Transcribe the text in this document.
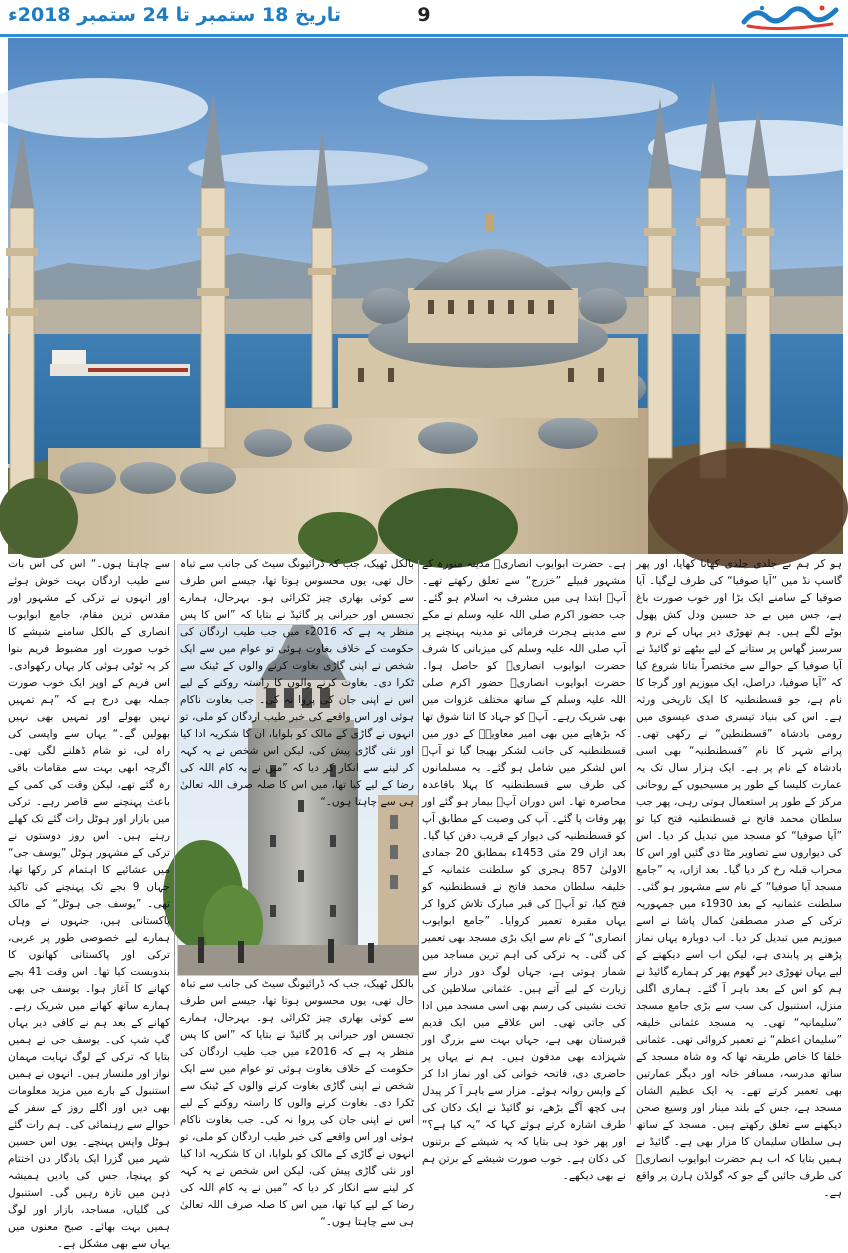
تاریخ 18 ستمبر تا 24 ستمبر 2018ء	9

ہو کر ہم نے جلدی جلدی کھانا کھایا، اور پھر گاسپ نڈ میں ”آیا صوفیا“ کی طرف لےگیا۔ آیا صوفیا کے سامنے ایک بڑا اور خوب صورت باغ ہے، جس میں بے حد حسین ودل کش پھول بوٹے لگے ہیں۔ ہم تھوڑی دیر یہاں کے نرم و سرسبز گھاس پر ستانے کے لیے بیٹھے تو گائیڈ نے آیا صوفیا کے حوالے سے مختصراً بتاتا شروع کیا کہ ”آیا صوفیا، دراصل، ایک میوزیم اور گرجا کا نام ہے، جو قسطنطنیہ کا ایک تاریخی ورثہ ہے۔ اس کی بنیاد تیسری صدی عیسوی میں رومی بادشاہ ”قسطنطین“ نے رکھی تھی۔ پرانے شہر کا نام ”قسطنطنیہ“ بھی اسی بادشاہ کے نام پر ہے۔ ایک ہزار سال تک یہ عمارت کلیسا کے طور پر مسیحیوں کے روحانی مرکز کے طور پر استعمال ہوتی رہی، پھر جب سلطان محمد فاتح نے قسطنطنیہ فتح کیا تو ”آیا صوفیا“ کو مسجد میں تبدیل کر دیا۔ اس کی دیواروں سے تصاویر مٹا دی گئیں اور اس کا محراب قبلہ رخ کر دیا گیا۔ بعد ازاں، یہ ”جامع مسجد آیا صوفیا“ کے نام سے مشہور ہو گئی۔ سلطنت عثمانیہ کے بعد 1930ء میں جمہوریہ ترکی کے صدر مصطفیٰ کمال پاشا نے اسے میوزیم میں تبدیل کر دیا۔ اب دوبارہ یہاں نماز پڑھنے پر پابندی ہے، لیکن اب اسے دیکھنے کے لیے یہاں تھوڑی دیر گھوم پھر کر ہمارے گائیڈ نے ہم کو اس کے بعد باہر آ گئے۔ ہماری اگلی منزل، استنبول کی سب سے بڑی جامع مسجد ”سلیمانیہ“ تھی۔ یہ مسجد عثمانی خلیفہ ”سلیمان اعظم“ نے تعمیر کروائی تھی۔ عثمانی خلفا کا خاص طریقہ تھا کہ وہ شاہ مسجد کے ساتھ مدرسہ، مسافر خانہ اور دیگر عمارتیں بھی تعمیر کرتے تھے۔ یہ ایک عظیم الشان مسجد ہے، جس کے بلند مینار اور وسیع صحن دیکھنے سے تعلق رکھتے ہیں۔ مسجد کے ساتھ ہی سلطان سلیمان کا مزار بھی ہے۔ گائیڈ نے ہمیں بتایا کہ اب ہم حضرت ابوایوب انصاریؓ کی طرف جائیں گے جو کہ گولڈن ہارن پر واقع ہے۔

ہے۔ حضرت ابوایوب انصاریؓ مدینہ منورہ کے مشہور قبیلے ”خزرج“ سے تعلق رکھتے تھے۔ آپؓ ابتدا ہی میں مشرف بہ اسلام ہو گئے۔ جب حضور اکرم صلی اللہ علیہ وسلم نے مکے سے مدینے ہجرت فرمائی تو مدینہ پہنچنے پر آپ صلی اللہ علیہ وسلم کی میزبانی کا شرف حضرت ابوایوب انصاریؓ کو حاصل ہوا۔ حضرت ابوایوب انصاریؓ حضور اکرم صلی اللہ علیہ وسلم کے ساتھ مختلف غزوات میں بھی شریک رہے۔ آپؓ کو جہاد کا اتنا شوق تھا کہ بڑھاپے میں بھی امیر معاویہؓ کے دور میں قسطنطنیہ کی جانب لشکر بھیجا گیا تو آپؓ اس لشکر میں شامل ہو گئے۔ یہ مسلمانوں کی طرف سے قسطنطنیہ کا پہلا باقاعدہ محاصرہ تھا۔ اس دوران آپؓ بیمار ہو گئے اور پھر وفات پا گئے۔ آپ کی وصیت کے مطابق آپ کو قسطنطنیہ کی دیوار کے قریب دفن کیا گیا۔ بعد ازاں 29 مئی 1453ء بمطابق 20 جمادی الاولیٰ 857 ہجری کو سلطنت عثمانیہ کے خلیفہ سلطان محمد فاتح نے قسطنطنیہ کو فتح کیا، تو آپؓ کی قبر مبارک تلاش کروا کر یہاں مقبرہ تعمیر کروایا۔ ”جامع ابوایوب انصاری“ کے نام سے ایک بڑی مسجد بھی تعمیر کی گئی۔ یہ ترکی کی اہم ترین مساجد میں شمار ہوتی ہے، جہاں لوگ دور دراز سے زیارت کے لیے آتے ہیں۔ عثمانی سلاطین کی تخت نشینی کی رسم بھی اسی مسجد میں ادا کی جاتی تھی۔ اس علاقے میں ایک قدیم قبرستان بھی ہے، جہاں بہت سے بزرگ اور شہزادے بھی مدفون ہیں۔ ہم نے یہاں پر حاضری دی، فاتحہ خوانی کی اور نماز ادا کر کے واپس روانہ ہوئے۔ مزار سے باہر آ کر پیدل ہی کچھ آگے بڑھے، تو گائیڈ نے ایک دکان کی طرف اشارہ کرتے ہوئے کہا کہ ”یہ کیا ہے؟“ اور پھر خود ہی بتایا کہ یہ شیشے کے برتنوں کی دکان ہے۔ خوب صورت شیشے کے برتن ہم نے بھی دیکھے۔

بالکل ٹھیک، جب کہ ڈرائیونگ سیٹ کی جانب سے تباہ حال تھی، یوں محسوس ہوتا تھا، جیسے اس طرف سے کوئی بھاری چیز ٹکرائی ہو۔ بہرحال، ہمارے تجسس اور حیرانی پر گائیڈ نے بتایا کہ ”اس کا پس منظر یہ ہے کہ 2016ء میں جب طیب اردگان کی حکومت کے خلاف بغاوت ہوئی تو عوام میں سے ایک شخص نے اپنی گاڑی بغاوت کرنے والوں کے ٹینک سے ٹکرا دی۔ بغاوت کرنے والوں کا راستہ روکنے کے لیے اس نے اپنی جان کی پروا نہ کی۔ جب بغاوت ناکام ہوئی اور اس واقعے کی خبر طیب اردگان کو ملی، تو انہوں نے گاڑی کے مالک کو بلوایا، ان کا شکریہ ادا کیا اور نئی گاڑی پیش کی، لیکن اس شخص نے یہ کہہ کر لینے سے انکار کر دیا کہ ”میں نے یہ کام اللہ کی رضا کے لیے کیا تھا، میں اس کا صلہ صرف اللہ تعالیٰ ہی سے چاہتا ہوں۔“

بالکل ٹھیک، جب کہ ڈرائیونگ سیٹ کی جانب سے تباہ حال تھی، یوں محسوس ہوتا تھا، جیسے اس طرف سے کوئی بھاری چیز ٹکرائی ہو۔ بہرحال، ہمارے تجسس اور حیرانی پر گائیڈ نے بتایا کہ ”اس کا پس منظر یہ ہے کہ 2016ء میں جب طیب اردگان کی حکومت کے خلاف بغاوت ہوئی تو عوام میں سے ایک شخص نے اپنی گاڑی بغاوت کرنے والوں کے ٹینک سے ٹکرا دی۔ بغاوت کرنے والوں کا راستہ روکنے کے لیے اس نے اپنی جان کی پروا نہ کی۔ جب بغاوت ناکام ہوئی اور اس واقعے کی خبر طیب اردگان کو ملی، تو انہوں نے گاڑی کے مالک کو بلوایا، ان کا شکریہ ادا کیا اور نئی گاڑی پیش کی، لیکن اس شخص نے یہ کہہ کر لینے سے انکار کر دیا کہ ”میں نے یہ کام اللہ کی رضا کے لیے کیا تھا، میں اس کا صلہ صرف اللہ تعالیٰ ہی سے چاہتا ہوں۔“

سے چاہتا ہوں۔“ اس کی اس بات سے طیب اردگان بہت خوش ہوئے اور انہوں نے ترکی کے مشہور اور مقدس ترین مقام، جامع ابوایوب انصاری کے بالکل سامنے شیشے کا خوب صورت اور مضبوط فریم بنوا کر یہ ٹوٹی ہوئی کار یہاں رکھوادی۔ اس فریم کے اوپر ایک خوب صورت جملہ بھی درج ہے کہ ”ہم تمہیں نہیں بھولے اور تمہیں بھی نہیں بھولیں گے۔“ یہاں سے واپسی کی راہ لی، تو شام ڈھلنے لگی تھی۔ اگرچہ ابھی بہت سے مقامات باقی رہ گئے تھے، لیکن وقت کی کمی کے باعث پہنچنے سے قاصر رہے۔ ترکی میں بازار اور ہوٹل رات گئے تک کھلے رہتے ہیں۔ اس روز دوستوں نے ترکی کے مشہور ہوٹل ”یوسف جی“ میں عشائیے کا اہتمام کر رکھا تھا، جہاں 9 بجے تک پہنچنے کی تاکید تھی۔ ”یوسف جی ہوٹل“ کے مالک پاکستانی ہیں، جنہوں نے وہاں ہمارے لیے خصوصی طور پر عربی، ترکی اور پاکستانی کھانوں کا بندوبست کیا تھا۔ اس وقت 41 بجے کھانے کا آغاز ہوا۔ یوسف جی بھی ہمارے ساتھ کھانے میں شریک رہے۔ کھانے کے بعد ہم نے کافی دیر یہاں گپ شپ کی۔ یوسف جی نے ہمیں بتایا کہ ترکی کے لوگ نہایت مہمان نواز اور ملنسار ہیں۔ انہوں نے ہمیں استنبول کے بارے میں مزید معلومات بھی دیں اور اگلے روز کے سفر کے حوالے سے رہنمائی کی۔ ہم رات گئے ہوٹل واپس پہنچے۔ یوں اس حسین شہر میں گزرا ایک یادگار دن اختتام کو پہنچا، جس کی یادیں ہمیشہ ذہن میں تازہ رہیں گی۔ استنبول کی گلیاں، مساجد، بازار اور لوگ ہمیں بہت بھائے۔ صبح معنوں میں یہاں سے بھی مشکل ہے۔
